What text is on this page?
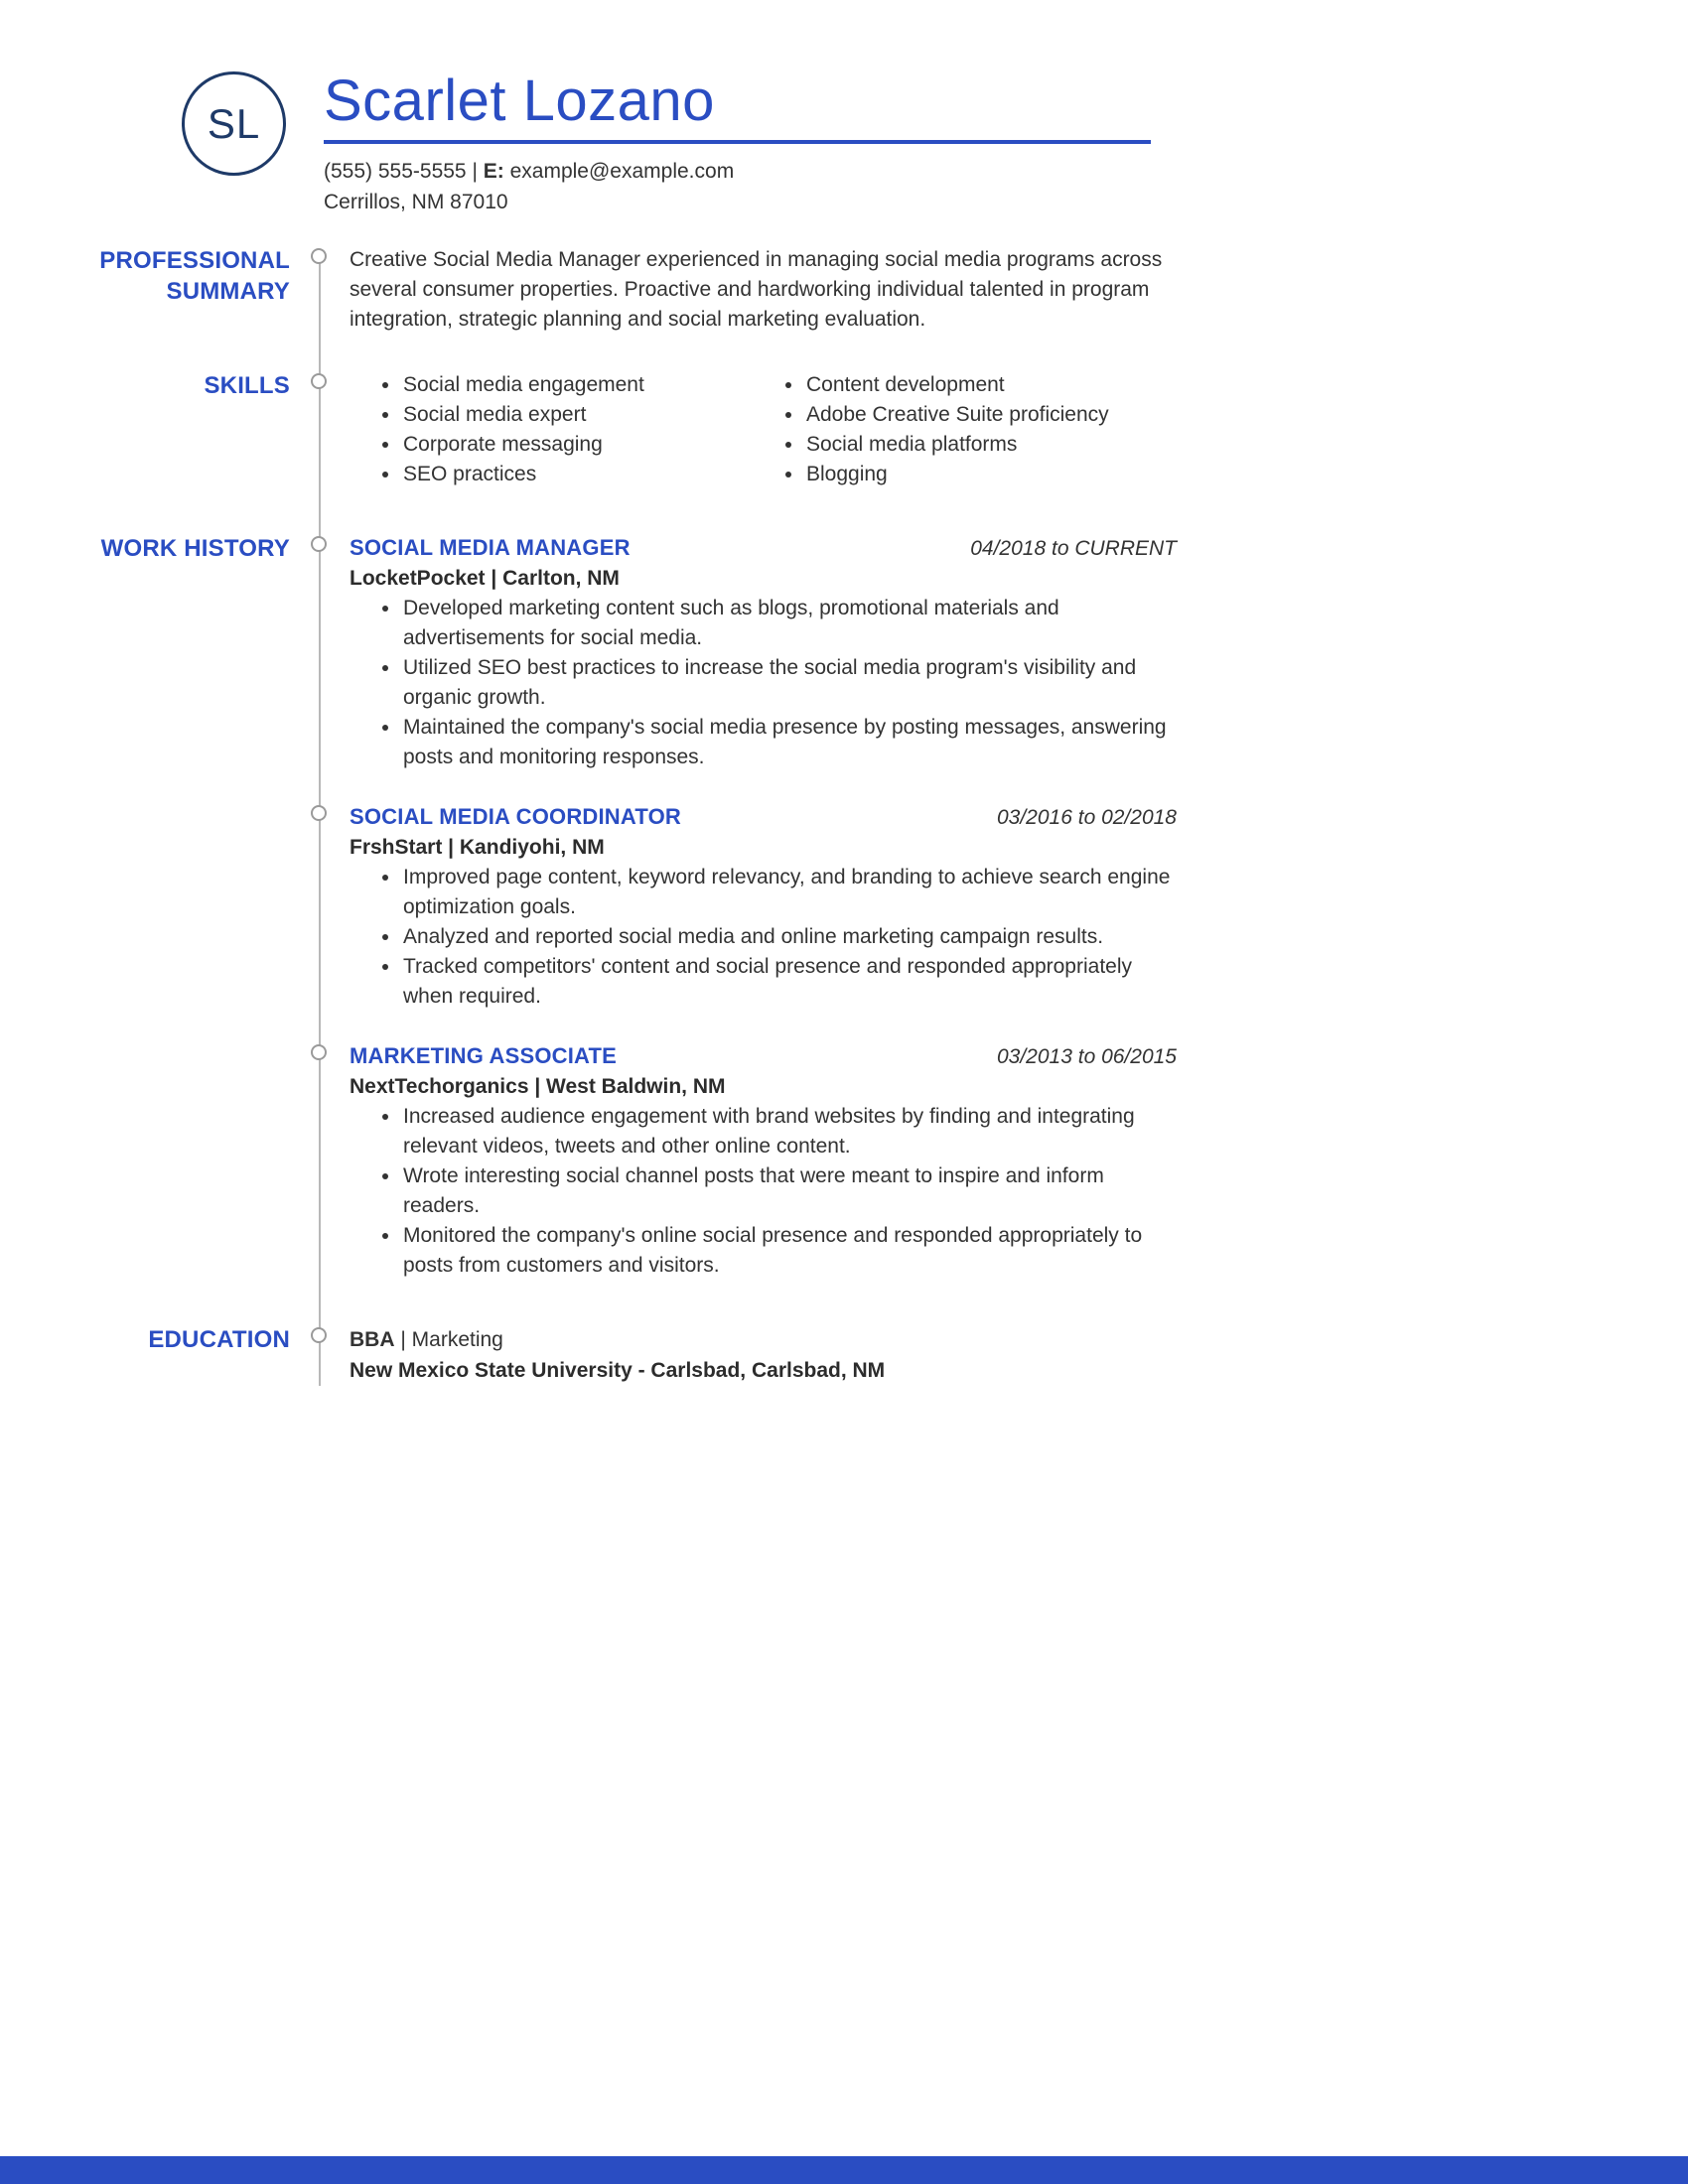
SL Scarlet Lozano
(555) 555-5555 | E: example@example.com
Cerrillos, NM 87010
PROFESSIONAL SUMMARY

Creative Social Media Manager experienced in managing social media programs across several consumer properties. Proactive and hardworking individual talented in program integration, strategic planning and social marketing evaluation.

SKILLS	• Social media engagement
• Social media expert
• Corporate messaging
• SEO practices
• Content development
• Adobe Creative Suite proficiency
• Social media platforms
• Blogging
WORK HISTORY	SOCIAL MEDIA MANAGER	04/2018 to CURRENT
LocketPocket | Carlton, NM
• Developed marketing content such as blogs, promotional materials and advertisements for social media.
• Utilized SEO best practices to increase the social media program's visibility and organic growth.
• Maintained the company's social media presence by posting messages, answering posts and monitoring responses.
SOCIAL MEDIA COORDINATOR	03/2016 to 02/2018
FrshStart | Kandiyohi, NM
• Improved page content, keyword relevancy, and branding to achieve search engine optimization goals.
• Analyzed and reported social media and online marketing campaign results.
• Tracked competitors' content and social presence and responded appropriately when required.
MARKETING ASSOCIATE	03/2013 to 06/2015
NextTechorganics | West Baldwin, NM
• Increased audience engagement with brand websites by finding and integrating relevant videos, tweets and other online content.
• Wrote interesting social channel posts that were meant to inspire and inform readers.
• Monitored the company's online social presence and responded appropriately to posts from customers and visitors.
EDUCATION	BBA | Marketing
New Mexico State University - Carlsbad, Carlsbad, NM
